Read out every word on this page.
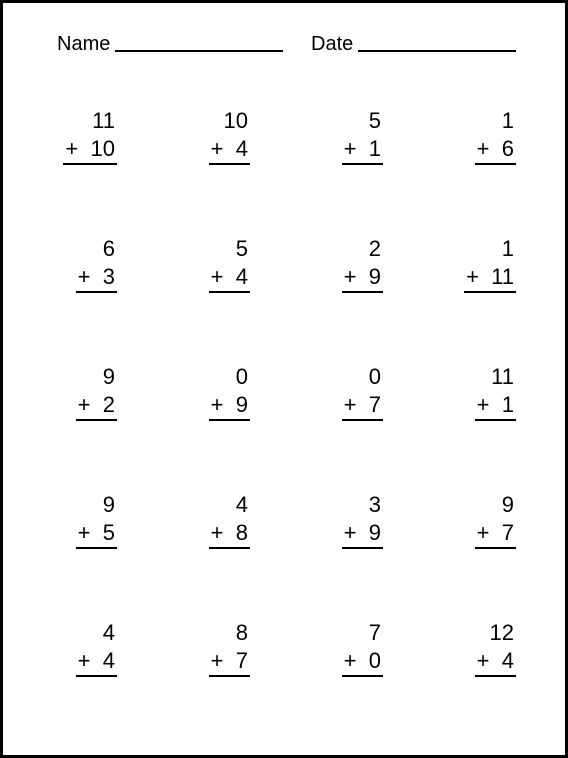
Name	Date
11
+ 10
10
+ 4
5
+ 1
1
+ 6
6
+ 3
5
+ 4
2
+ 9
1
+ 11
9
+ 2
0
+ 9
0
+ 7
11
+ 1
9
+ 5
4
+ 8
3
+ 9
9
+ 7
4
+ 4
8
+ 7
7
+ 0
12
+ 4
